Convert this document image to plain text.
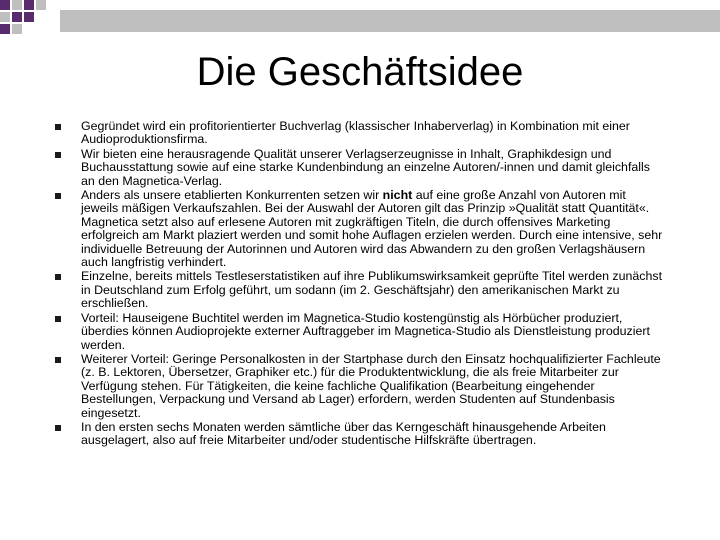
Die Geschäftsidee
Gegründet wird ein profitorientierter Buchverlag (klassischer Inhaberverlag) in Kombination mit einer Audioproduktionsfirma.
Wir bieten eine herausragende Qualität unserer Verlagserzeugnisse in Inhalt, Graphikdesign und Buchausstattung sowie auf eine starke Kundenbindung an einzelne Autoren/-innen und damit gleichfalls an den Magnetica-Verlag.
Anders als unsere etablierten Konkurrenten setzen wir nicht auf eine große Anzahl von Autoren mit jeweils mäßigen Verkaufszahlen. Bei der Auswahl der Autoren gilt das Prinzip »Qualität statt Quantität«. Magnetica setzt also auf erlesene Autoren mit zugkräftigen Titeln, die durch offensives Marketing erfolgreich am Markt plaziert werden und somit hohe Auflagen erzielen werden. Durch eine intensive, sehr individuelle Betreuung der Autorinnen und Autoren wird das Abwandern zu den großen Verlagshäusern auch langfristig verhindert.
Einzelne, bereits mittels Testleserstatistiken auf ihre Publikumswirksamkeit geprüfte Titel werden zunächst in Deutschland zum Erfolg geführt, um sodann (im 2. Geschäftsjahr) den amerikanischen Markt zu erschließen.
Vorteil: Hauseigene Buchtitel werden im Magnetica-Studio kostengünstig als Hörbücher produziert, überdies können Audioprojekte externer Auftraggeber im Magnetica-Studio als Dienstleistung produziert werden.
Weiterer Vorteil: Geringe Personalkosten in der Startphase durch den Einsatz hochqualifizierter Fachleute (z. B. Lektoren, Übersetzer, Graphiker etc.) für die Produktentwicklung, die als freie Mitarbeiter zur Verfügung stehen. Für Tätigkeiten, die keine fachliche Qualifikation (Bearbeitung eingehender Bestellungen, Verpackung und Versand ab Lager) erfordern, werden Studenten auf Stundenbasis eingesetzt.
In den ersten sechs Monaten werden sämtliche über das Kerngeschäft hinausgehende Arbeiten ausgelagert, also auf freie Mitarbeiter und/oder studentische Hilfskräfte übertragen.
